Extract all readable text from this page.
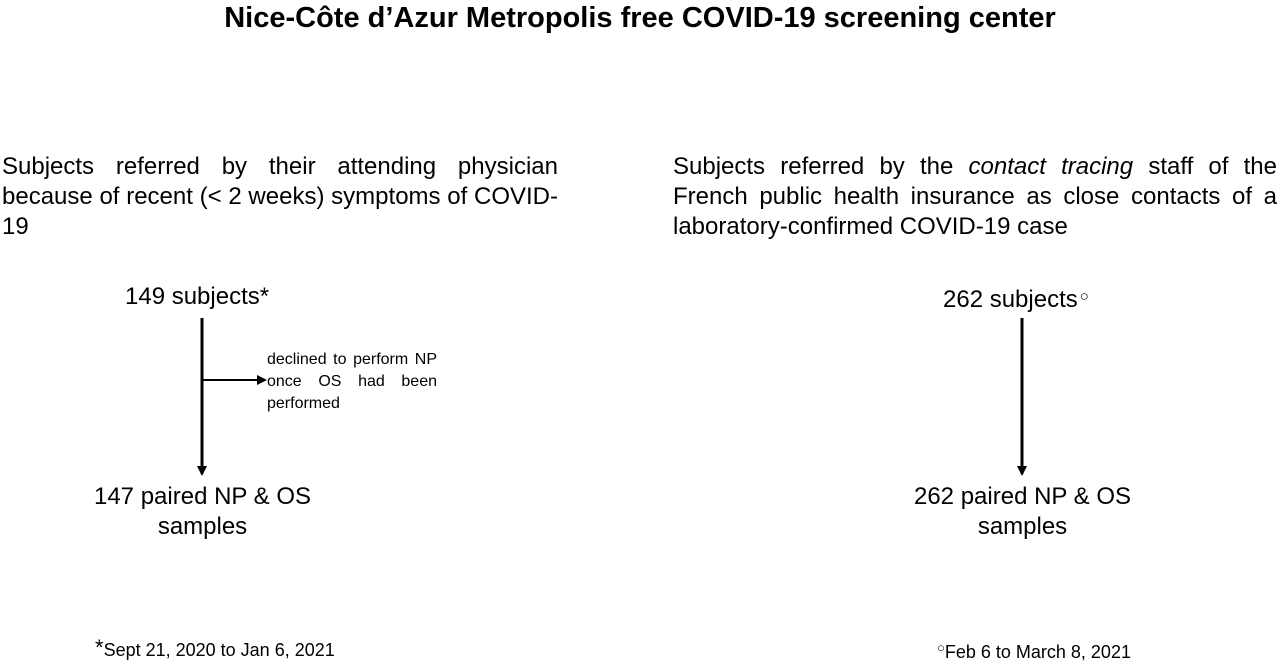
Nice-Côte d’Azur Metropolis free COVID-19 screening center
Subjects referred by their attending physician because of recent (< 2 weeks) symptoms of COVID-19
Subjects referred by the contact tracing staff of the French public health insurance as close contacts of a laboratory-confirmed COVID-19 case
149 subjects*	262 subjects ○
declined to perform NP once OS had been performed
147 paired NP & OS
samples
262 paired NP & OS
samples
*Sept 21, 2020 to Jan 6, 2021	○Feb 6 to March 8, 2021
